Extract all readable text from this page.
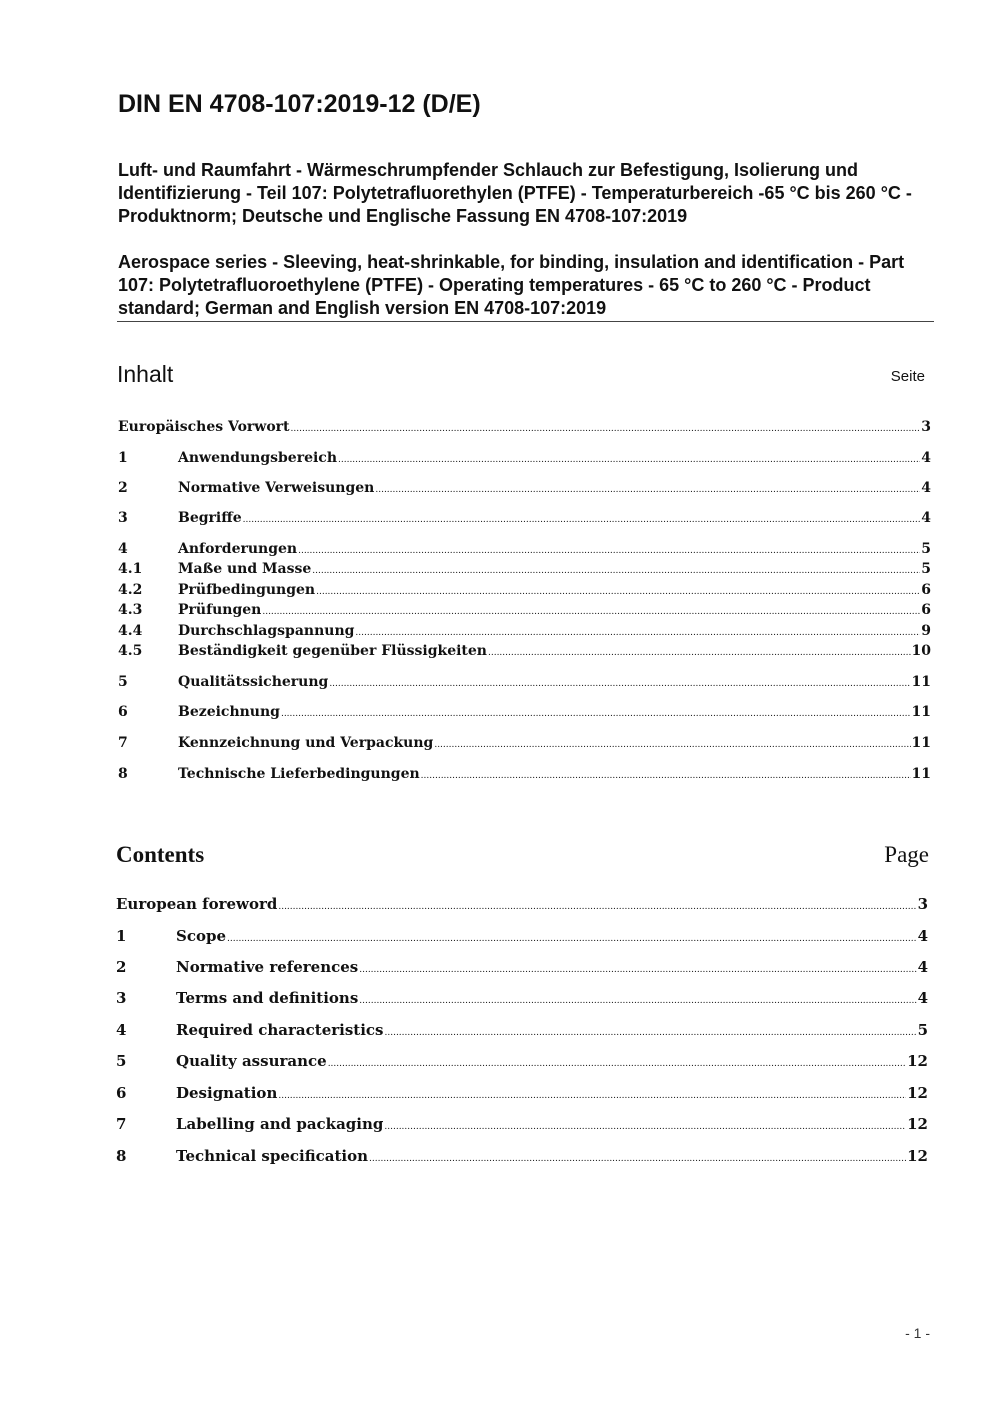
DIN EN 4708-107:2019-12 (D/E)

Luft- und Raumfahrt - Wärmeschrumpfender Schlauch zur Befestigung, Isolierung und Identifizierung - Teil 107: Polytetrafluorethylen (PTFE) - Temperaturbereich -65 °C bis 260 °C - Produktnorm; Deutsche und Englische Fassung EN 4708-107:2019

Aerospace series - Sleeving, heat-shrinkable, for binding, insulation and identification - Part 107: Polytetrafluoroethylene (PTFE) - Operating temperatures - 65 °C to 260 °C - Product standard; German and English version EN 4708-107:2019

Inhalt	Seite
Europäisches Vorwort .....	3
1	Anwendungsbereich .....	4
2	Normative Verweisungen .....	4
3	Begriffe .....	4
4	Anforderungen .....	5
4.1	Maße und Masse .....	5
4.2	Prüfbedingungen .....	6
4.3	Prüfungen .....	6
4.4	Durchschlagspannung .....	9
4.5	Beständigkeit gegenüber Flüssigkeiten .....	10
5	Qualitätssicherung .....	11
6	Bezeichnung .....	11
7	Kennzeichnung und Verpackung .....	11
8	Technische Lieferbedingungen .....	11
Contents	Page
European foreword .....	3
1	Scope .....	4
2	Normative references .....	4
3	Terms and definitions .....	4
4	Required characteristics .....	5
5	Quality assurance .....	12
6	Designation .....	12
7	Labelling and packaging .....	12
8	Technical specification .....	12
- 1 -
